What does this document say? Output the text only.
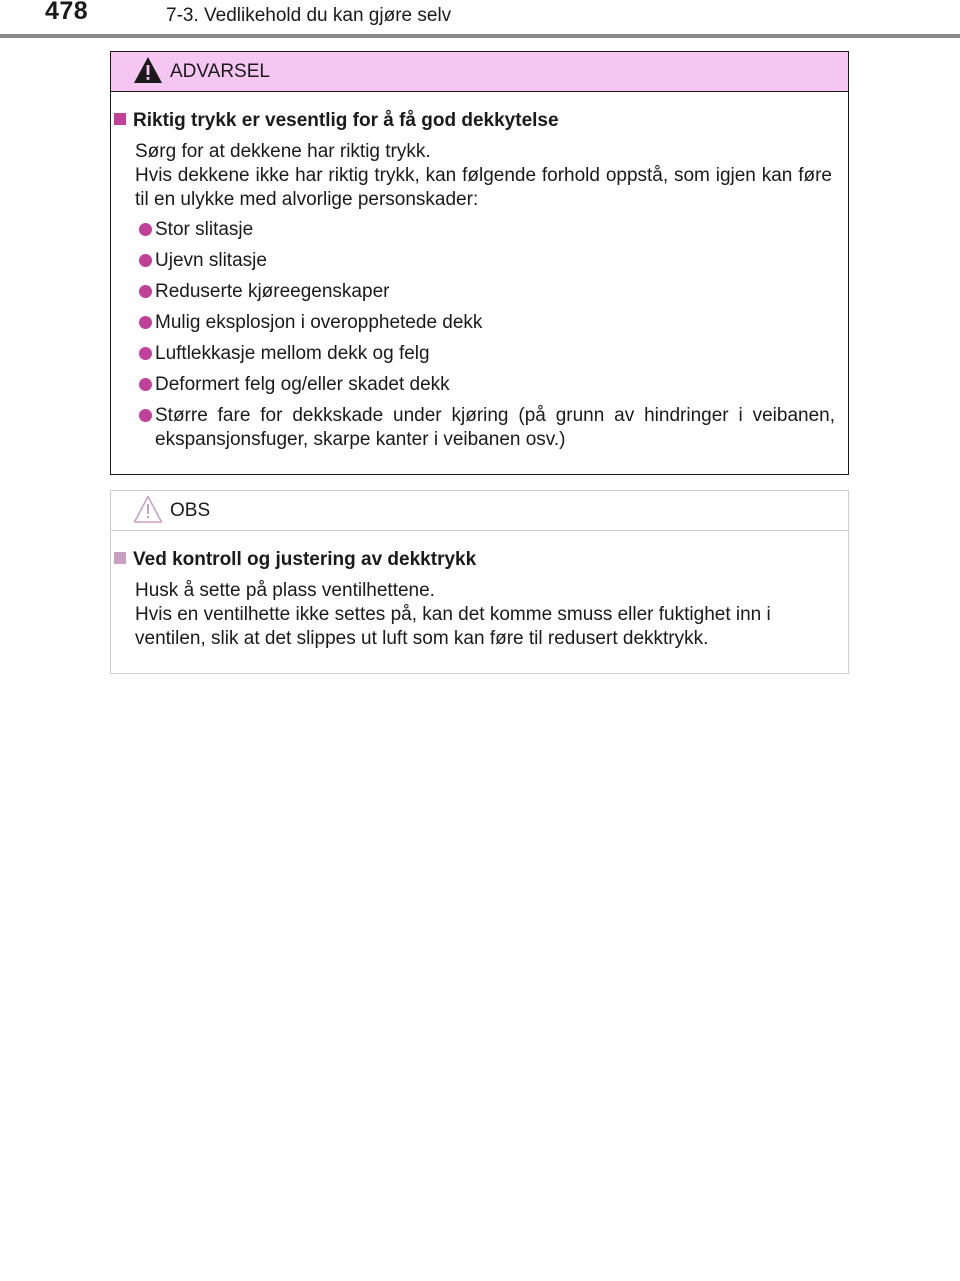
478	7-3. Vedlikehold du kan gjøre selv
ADVARSEL
Riktig trykk er vesentlig for å få god dekkytelse
Sørg for at dekkene har riktig trykk.
Hvis dekkene ikke har riktig trykk, kan følgende forhold oppstå, som igjen kan føre til en ulykke med alvorlige personskader:
Stor slitasje
Ujevn slitasje
Reduserte kjøreegenskaper
Mulig eksplosjon i overopphetede dekk
Luftlekkasje mellom dekk og felg
Deformert felg og/eller skadet dekk
Større fare for dekkskade under kjøring (på grunn av hindringer i veibanen, ekspansjonsfuger, skarpe kanter i veibanen osv.)
OBS
Ved kontroll og justering av dekktrykk
Husk å sette på plass ventilhettene.
Hvis en ventilhette ikke settes på, kan det komme smuss eller fuktighet inn i ventilen, slik at det slippes ut luft som kan føre til redusert dekktrykk.
